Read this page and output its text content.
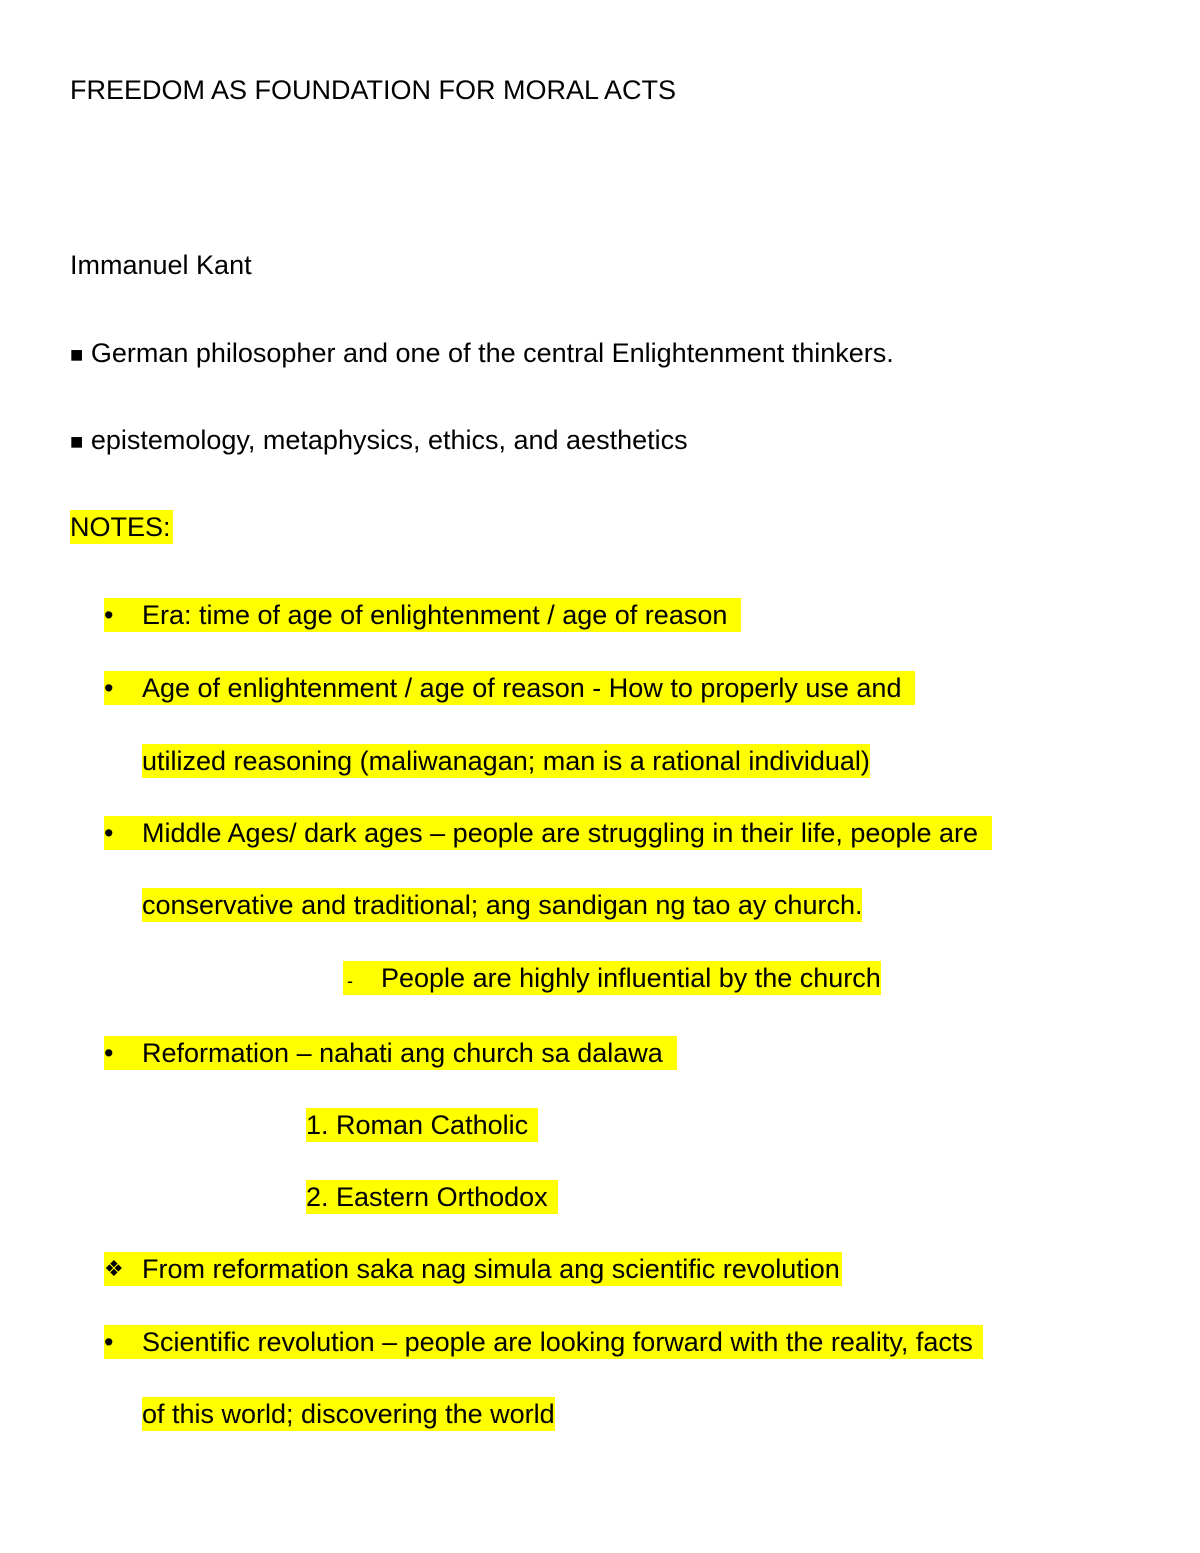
FREEDOM AS FOUNDATION FOR MORAL ACTS
Immanuel Kant
■ German philosopher and one of the central Enlightenment thinkers.
■ epistemology, metaphysics, ethics, and aesthetics
NOTES:
•	Era: time of age of enlightenment / age of reason
•	Age of enlightenment / age of reason - How to properly use and
utilized reasoning (maliwanagan; man is a rational individual)
•	Middle Ages/ dark ages – people are struggling in their life, people are
conservative and traditional; ang sandigan ng tao ay church.
- People are highly influential by the church
•	Reformation – nahati ang church sa dalawa
1. Roman Catholic
2. Eastern Orthodox
❖ From reformation saka nag simula ang scientific revolution
•	Scientific revolution – people are looking forward with the reality, facts
of this world; discovering the world
